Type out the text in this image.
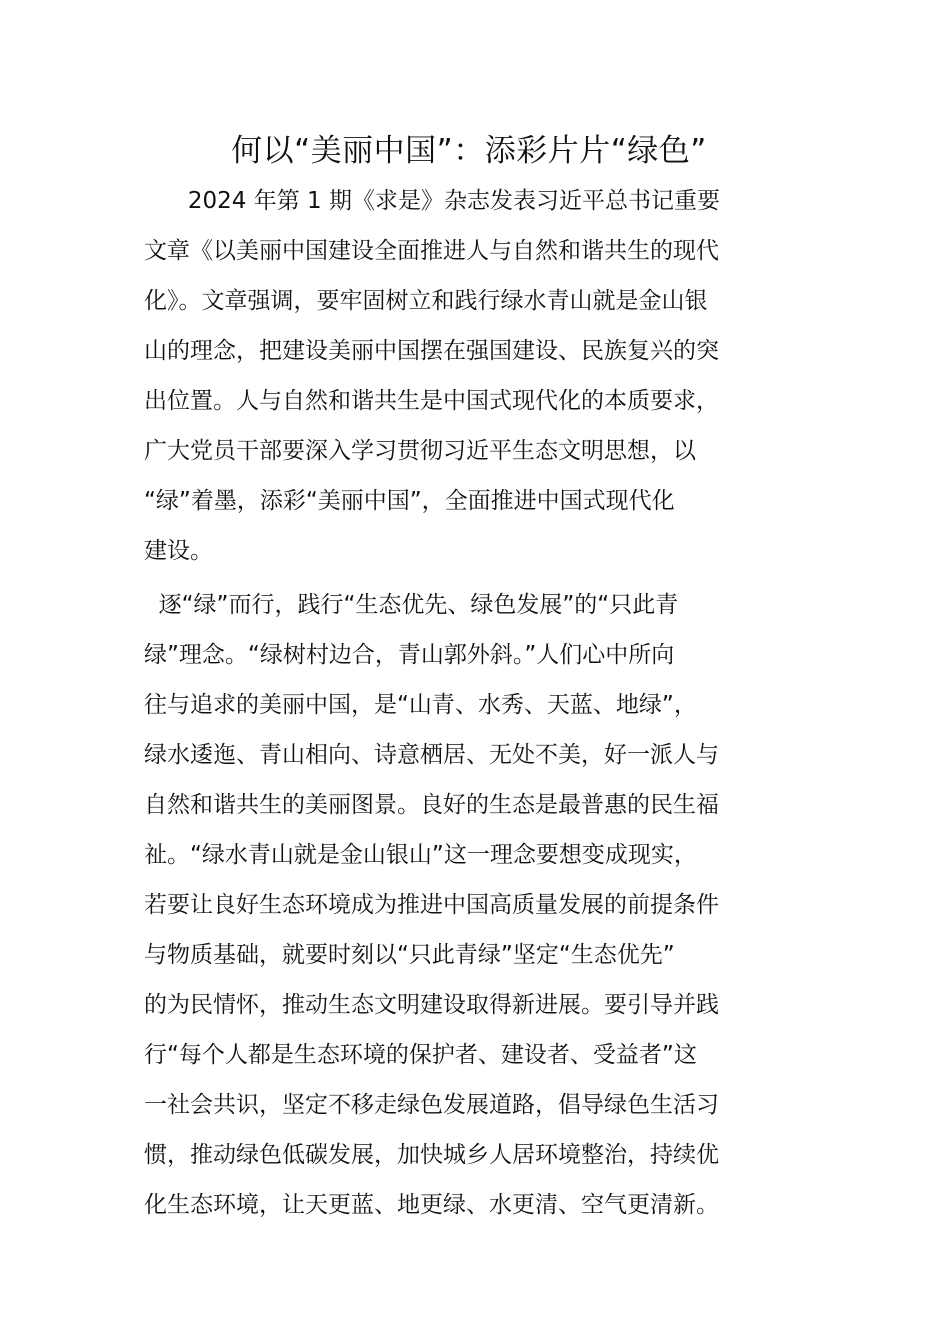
何以“美丽中国”：添彩片片“绿色”
2024 年第 1 期《求是》杂志发表习近平总书记重要
文章《以美丽中国建设全面推进人与自然和谐共生的现代
化》。文章强调，要牢固树立和践行绿水青山就是金山银
山的理念，把建设美丽中国摆在强国建设、民族复兴的突
出位置。人与自然和谐共生是中国式现代化的本质要求，
广大党员干部要深入学习贯彻习近平生态文明思想，以
“绿”着墨，添彩“美丽中国”，全面推进中国式现代化
建设。
逐“绿”而行，践行“生态优先、绿色发展”的“只此青
绿”理念。“绿树村边合，青山郭外斜。”人们心中所向
往与追求的美丽中国，是“山青、水秀、天蓝、地绿”，
绿水逶迤、青山相向、诗意栖居、无处不美，好一派人与
自然和谐共生的美丽图景。良好的生态是最普惠的民生福
祉。“绿水青山就是金山银山”这一理念要想变成现实，
若要让良好生态环境成为推进中国高质量发展的前提条件
与物质基础，就要时刻以“只此青绿”坚定“生态优先”
的为民情怀，推动生态文明建设取得新进展。要引导并践
行“每个人都是生态环境的保护者、建设者、受益者”这
一社会共识，坚定不移走绿色发展道路，倡导绿色生活习
惯，推动绿色低碳发展，加快城乡人居环境整治，持续优
化生态环境，让天更蓝、地更绿、水更清、空气更清新。
